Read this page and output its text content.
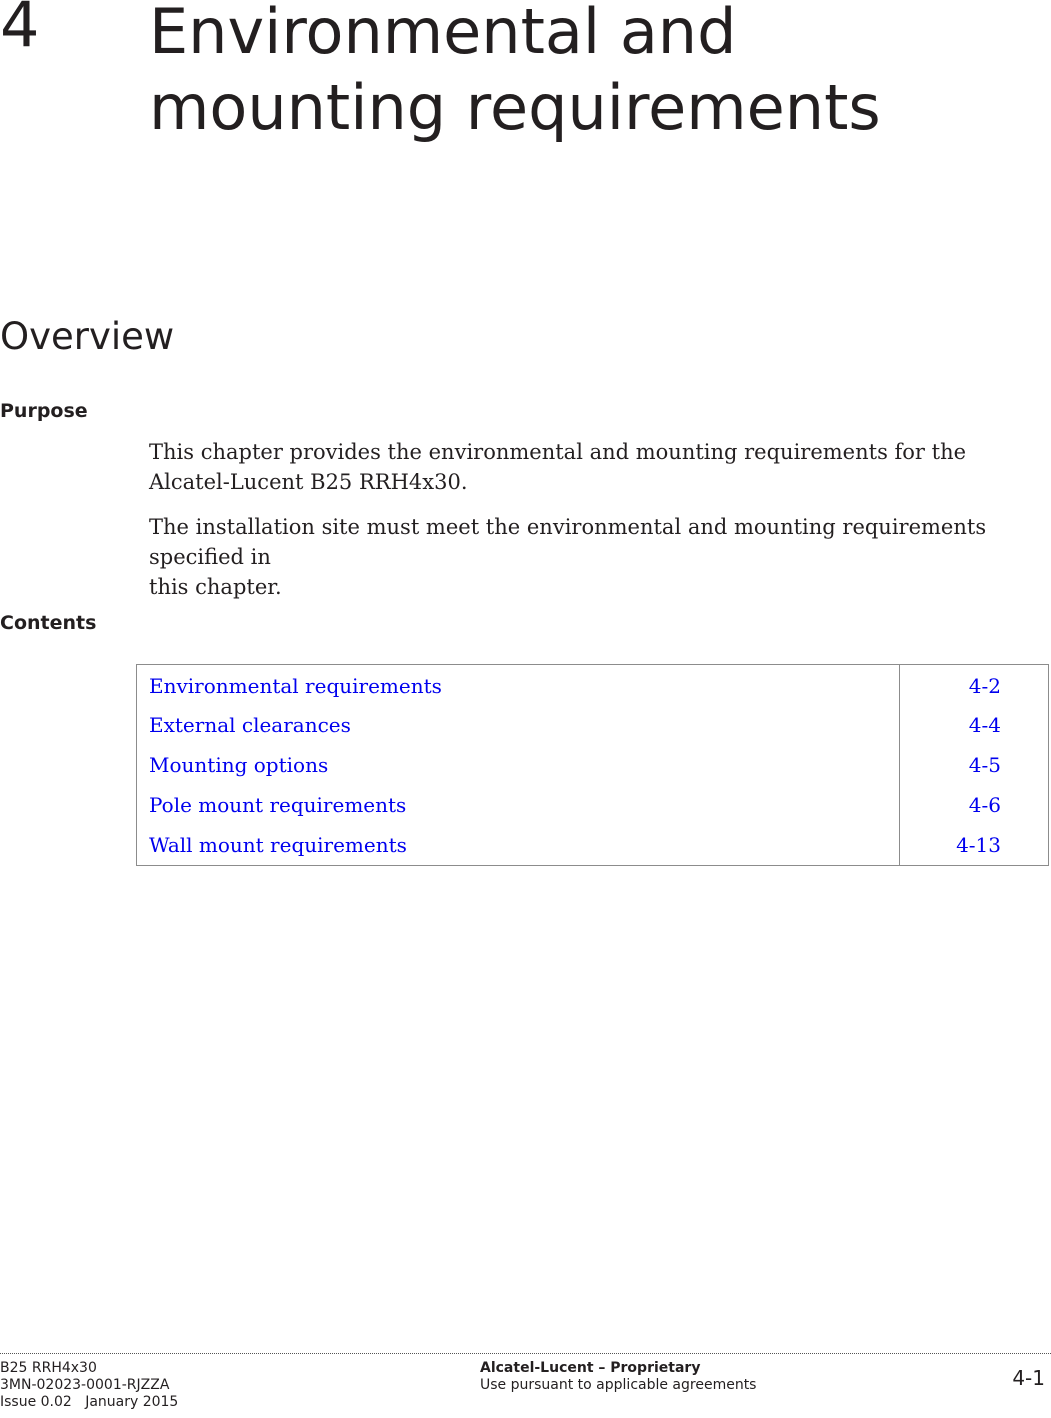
4 Environmental and
mounting requirements
Overview
Purpose
This chapter provides the environmental and mounting requirements for the
Alcatel-Lucent B25 RRH4x30.
The installation site must meet the environmental and mounting requirements specified in
this chapter.
Contents
Environmental requirements	4-2
External clearances	4-4
Mounting options	4-5
Pole mount requirements	4-6
Wall mount requirements	4-13
B25 RRH4x30
3MN-02023-0001-RJZZA
Issue 0.02 January 2015
Alcatel-Lucent – Proprietary
Use pursuant to applicable agreements	4-1
